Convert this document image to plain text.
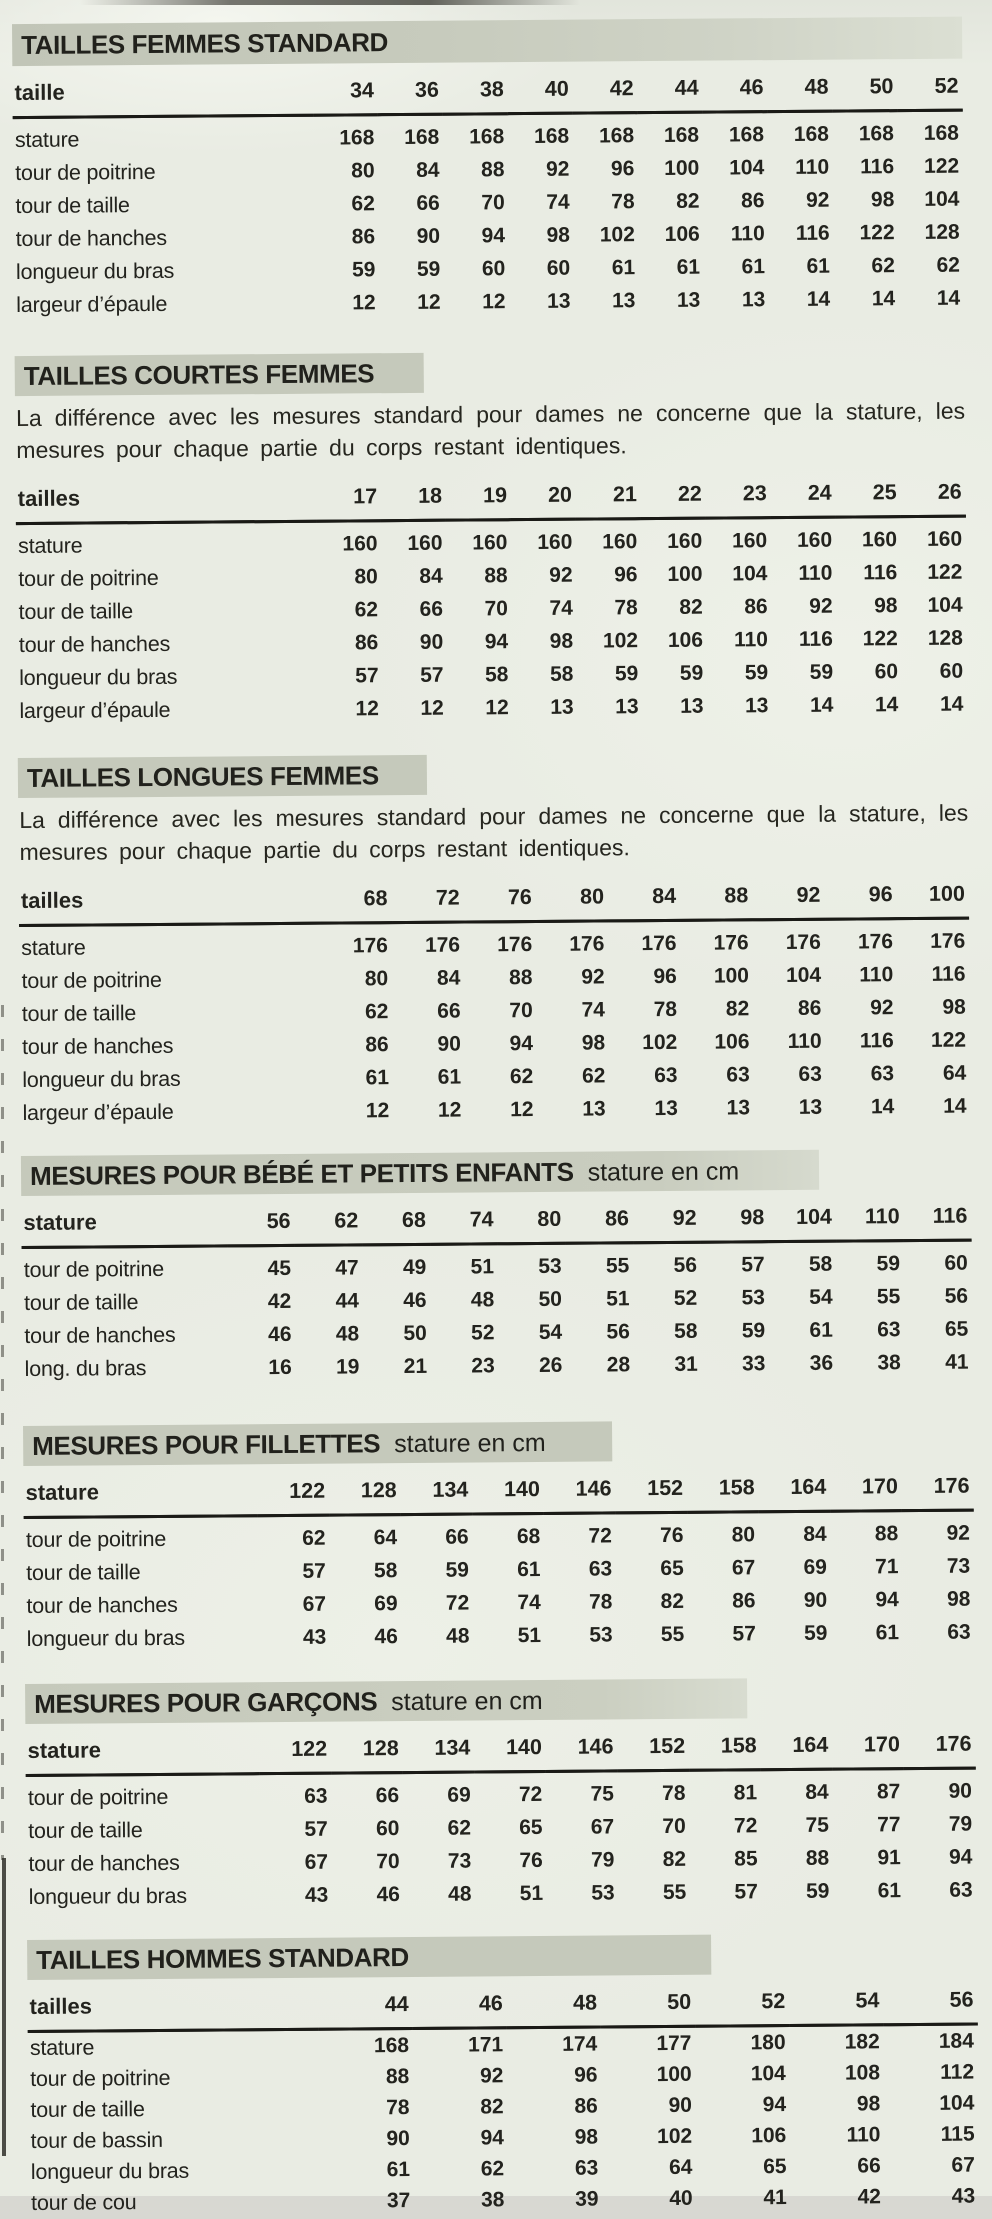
TAILLES FEMMES STANDARD
taille	34	36	38	40	42	44	46	48	50	52
stature	168	168	168	168	168	168	168	168	168	168
tour de poitrine	80	84	88	92	96	100	104	110	116	122
tour de taille	62	66	70	74	78	82	86	92	98	104
tour de hanches	86	90	94	98	102	106	110	116	122	128
longueur du bras	59	59	60	60	61	61	61	61	62	62
largeur d’épaule	12	12	12	13	13	13	13	14	14	14
TAILLES COURTES FEMMES

La différence avec les mesures standard pour dames ne concerne que la stature, les mesures pour chaque partie du corps restant identiques.

tailles	17	18	19	20	21	22	23	24	25	26
stature	160	160	160	160	160	160	160	160	160	160
tour de poitrine	80	84	88	92	96	100	104	110	116	122
tour de taille	62	66	70	74	78	82	86	92	98	104
tour de hanches	86	90	94	98	102	106	110	116	122	128
longueur du bras	57	57	58	58	59	59	59	59	60	60
largeur d’épaule	12	12	12	13	13	13	13	14	14	14
TAILLES LONGUES FEMMES

La différence avec les mesures standard pour dames ne concerne que la stature, les mesures pour chaque partie du corps restant identiques.

tailles	68	72	76	80	84	88	92	96	100
stature	176	176	176	176	176	176	176	176	176
tour de poitrine	80	84	88	92	96	100	104	110	116
tour de taille	62	66	70	74	78	82	86	92	98
tour de hanches	86	90	94	98	102	106	110	116	122
longueur du bras	61	61	62	62	63	63	63	63	64
largeur d’épaule	12	12	12	13	13	13	13	14	14
MESURES POUR BÉBÉ ET PETITS ENFANTS stature en cm
stature	56	62	68	74	80	86	92	98	104	110	116
tour de poitrine	45	47	49	51	53	55	56	57	58	59	60
tour de taille	42	44	46	48	50	51	52	53	54	55	56
tour de hanches	46	48	50	52	54	56	58	59	61	63	65
long. du bras	16	19	21	23	26	28	31	33	36	38	41
MESURES POUR FILLETTES stature en cm
stature	122	128	134	140	146	152	158	164	170	176
tour de poitrine	62	64	66	68	72	76	80	84	88	92
tour de taille	57	58	59	61	63	65	67	69	71	73
tour de hanches	67	69	72	74	78	82	86	90	94	98
longueur du bras	43	46	48	51	53	55	57	59	61	63
MESURES POUR GARÇONS stature en cm
stature	122	128	134	140	146	152	158	164	170	176
tour de poitrine	63	66	69	72	75	78	81	84	87	90
tour de taille	57	60	62	65	67	70	72	75	77	79
tour de hanches	67	70	73	76	79	82	85	88	91	94
longueur du bras	43	46	48	51	53	55	57	59	61	63
TAILLES HOMMES STANDARD
tailles	44	46	48	50	52	54	56
stature	168	171	174	177	180	182	184
tour de poitrine	88	92	96	100	104	108	112
tour de taille	78	82	86	90	94	98	104
tour de bassin	90	94	98	102	106	110	115
longueur du bras	61	62	63	64	65	66	67
tour de cou	37	38	39	40	41	42	43
